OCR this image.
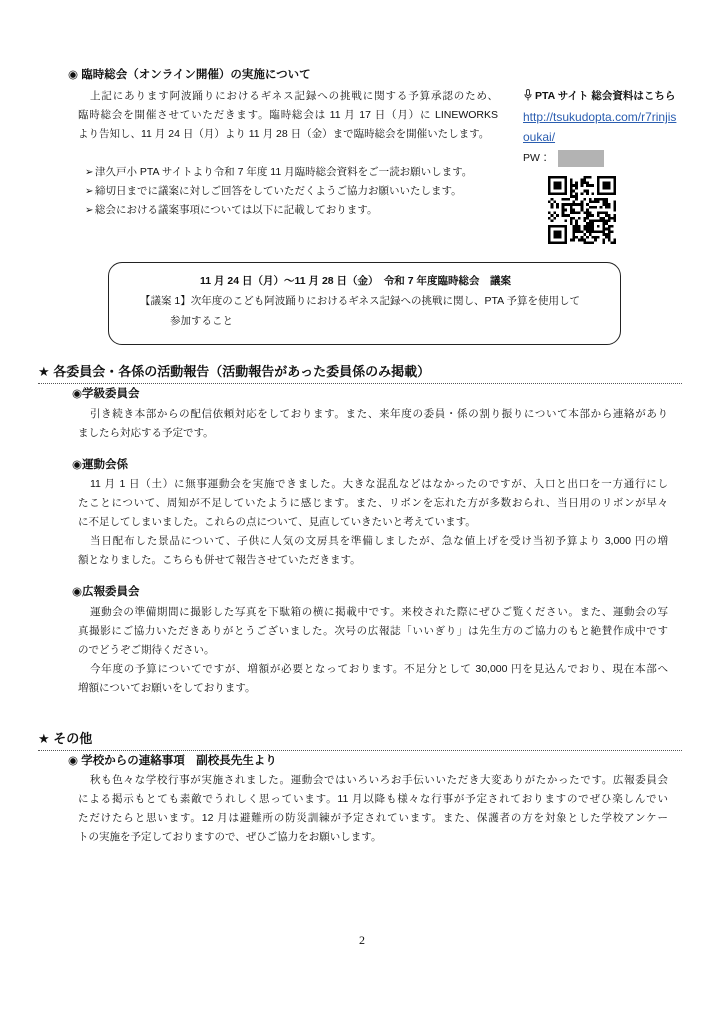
◉ 臨時総会（オンライン開催）の実施について
上記にあります阿波踊りにおけるギネス記録への挑戦に関する予算承認のため、
臨時総会を開催させていただきます。臨時総会は 11 月 17 日（月）に LINEWORKS
より告知し、11 月 24 日（月）より 11 月 28 日（金）まで臨時総会を開催いたします。
➢ 津久戸小 PTA サイトより令和 7 年度 11 月臨時総会資料をご一読お願いします。
➢ 締切日までに議案に対しご回答をしていただくようご協力お願いいたします。
➢ 総会における議案事項については以下に記載しております。
PTA サイト 総会資料はこちら
http://tsukudopta.com/r7rinjis
oukai/
PW：
11 月 24 日（月）～11 月 28 日（金）　令和 7 年度臨時総会　議案
【議案 1】次年度のこども阿波踊りにおけるギネス記録への挑戦に関し、PTA 予算を使用して
参加すること
★ 各委員会・各係の活動報告（活動報告があった委員係のみ掲載）
◉学級委員会
引き続き本部からの配信依頼対応をしております。また、来年度の委員・係の割り振りについて本部から連絡があり
ましたら対応する予定です。
◉運動会係
11 月 1 日（土）に無事運動会を実施できました。大きな混乱などはなかったのですが、入口と出口を一方通行にし
たことについて、周知が不足していたように感じます。また、リボンを忘れた方が多数おられ、当日用のリボンが早々
に不足してしまいました。これらの点について、見直していきたいと考えています。
当日配布した景品について、子供に人気の文房具を準備しましたが、急な値上げを受け当初予算より 3,000 円の増
額となりました。こちらも併せて報告させていただきます。
◉広報委員会
運動会の準備期間に撮影した写真を下駄箱の横に掲載中です。来校された際にぜひご覧ください。また、運動会の写
真撮影にご協力いただきありがとうございました。次号の広報誌「いいぎり」は先生方のご協力のもと絶賛作成中です
のでどうぞご期待ください。
今年度の予算についてですが、増額が必要となっております。不足分として 30,000 円を見込んでおり、現在本部へ
増額についてお願いをしております。
★ その他
◉ 学校からの連絡事項　副校長先生より
秋も色々な学校行事が実施されました。運動会ではいろいろお手伝いいただき大変ありがたかったです。広報委員会
による掲示もとても素敵でうれしく思っています。11 月以降も様々な行事が予定されておりますのでぜひ楽しんでい
ただけたらと思います。12 月は避難所の防災訓練が予定されています。また、保護者の方を対象とした学校アンケー
トの実施を予定しておりますので、ぜひご協力をお願いします。
2
